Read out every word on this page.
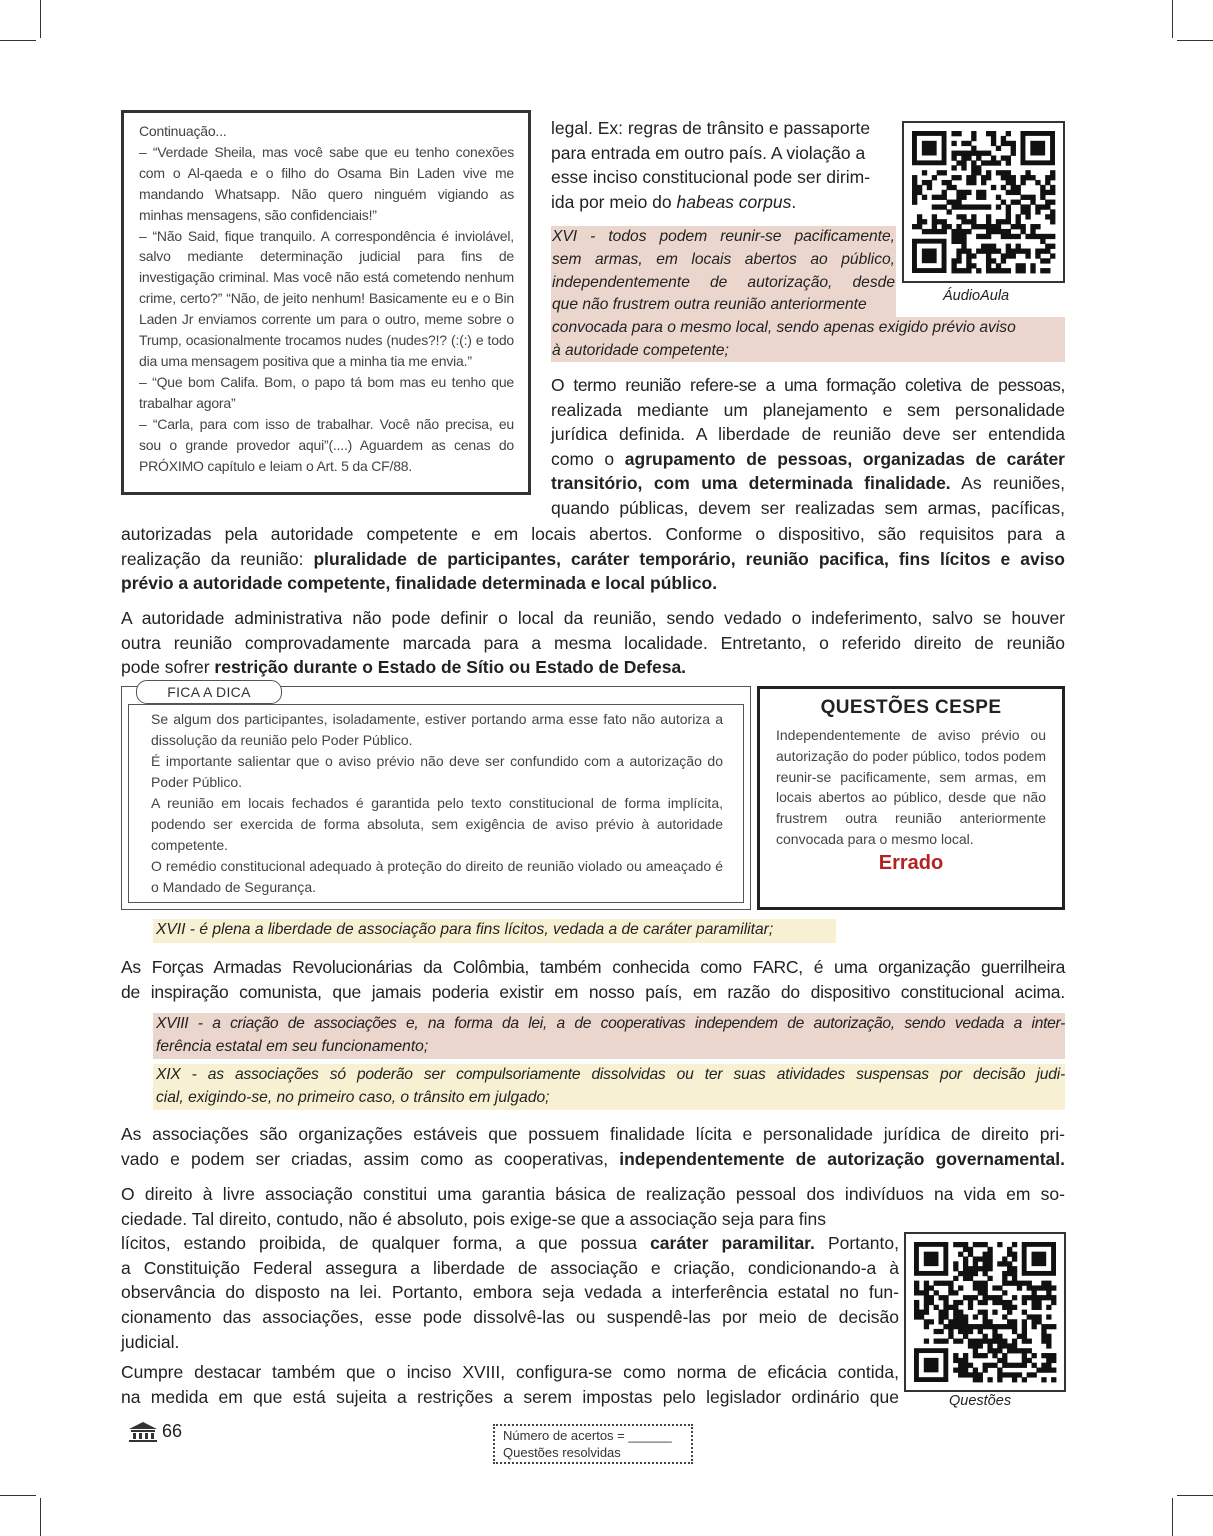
Continuação...

– “Verdade Sheila, mas você sabe que eu tenho conexões com o Al-qaeda e o filho do Osama Bin Laden vive me mandando Whatsapp. Não quero ninguém vigiando as minhas mensagens, são confidenciais!”

– “Não Said, fique tranquilo. A correspondência é inviolável, salvo mediante determinação judicial para fins de investigação criminal. Mas você não está cometendo nenhum crime, certo?” “Não, de jeito nenhum! Basicamente eu e o Bin Laden Jr enviamos corrente um para o outro, meme sobre o Trump, ocasionalmente trocamos nudes (nudes?!? (:(:) e todo dia uma mensagem positiva que a minha tia me envia.”

– “Que bom Califa. Bom, o papo tá bom mas eu tenho que trabalhar agora”

– “Carla, para com isso de trabalhar. Você não precisa, eu sou o grande provedor aqui”(....) Aguardem as cenas do PRÓXIMO capítulo e leiam o Art. 5 da CF/88.

legal. Ex: regras de trânsito e passaporte
para entrada em outro país. A violação a
esse inciso constitucional pode ser dirim-
ida por meio do habeas corpus.
ÁudioAula
XVI - todos podem reunir-se pacificamente,
sem armas, em locais abertos ao público,
independentemente de autorização, desde
que não frustrem outra reunião anteriormente
convocada para o mesmo local, sendo apenas exigido prévio aviso
à autoridade competente;
O termo reunião refere-se a uma formação coletiva de pessoas,
realizada mediante um planejamento e sem personalidade
jurídica definida. A liberdade de reunião deve ser entendida
como o agrupamento de pessoas, organizadas de caráter
transitório, com uma determinada finalidade. As reuniões,
quando públicas, devem ser realizadas sem armas, pacíficas,
autorizadas pela autoridade competente e em locais abertos. Conforme o dispositivo, são requisitos para a
realização da reunião: pluralidade de participantes, caráter temporário, reunião pacifica, fins lícitos e aviso
prévio a autoridade competente, finalidade determinada e local público.
A autoridade administrativa não pode definir o local da reunião, sendo vedado o indeferimento, salvo se houver
outra reunião comprovadamente marcada para a mesma localidade. Entretanto, o referido direito de reunião
pode sofrer restrição durante o Estado de Sítio ou Estado de Defesa.

Se algum dos participantes, isoladamente, estiver portando arma esse fato não autoriza a dissolução da reunião pelo Poder Público.

É importante salientar que o aviso prévio não deve ser confundido com a autorização do Poder Público.

A reunião em locais fechados é garantida pelo texto constitucional de forma implícita, podendo ser exercida de forma absoluta, sem exigência de aviso prévio à autoridade competente.

O remédio constitucional adequado à proteção do direito de reunião violado ou ameaçado é o Mandado de Segurança.

FICA A DICA
QUESTÕES CESPE

Independentemente de aviso prévio ou autorização do poder público, todos podem reunir-se pacificamente, sem armas, em locais abertos ao público, desde que não frustrem outra reunião anteriormente convocada para o mesmo local.

Errado
XVII - é plena a liberdade de associação para fins lícitos, vedada a de caráter paramilitar;
As Forças Armadas Revolucionárias da Colômbia, também conhecida como FARC, é uma organização guerrilheira
de inspiração comunista, que jamais poderia existir em nosso país, em razão do dispositivo constitucional acima.
XVIII - a criação de associações e, na forma da lei, a de cooperativas independem de autorização, sendo vedada a inter-
ferência estatal em seu funcionamento;
XIX - as associações só poderão ser compulsoriamente dissolvidas ou ter suas atividades suspensas por decisão judi-
cial, exigindo-se, no primeiro caso, o trânsito em julgado;
As associações são organizações estáveis que possuem finalidade lícita e personalidade jurídica de direito pri-
vado e podem ser criadas, assim como as cooperativas, independentemente de autorização governamental.
O direito à livre associação constitui uma garantia básica de realização pessoal dos indivíduos na vida em so-
ciedade. Tal direito, contudo, não é absoluto, pois exige-se que a associação seja para fins
lícitos, estando proibida, de qualquer forma, a que possua caráter paramilitar. Portanto,
a Constituição Federal assegura a liberdade de associação e criação, condicionando-a à
observância do disposto na lei. Portanto, embora seja vedada a interferência estatal no fun-
cionamento das associações, esse pode dissolvê-las ou suspendê-las por meio de decisão
judicial.
Cumpre destacar também que o inciso XVIII, configura-se como norma de eficácia contida,
na medida em que está sujeita a restrições a serem impostas pelo legislador ordinário que	Questões
66	Número de acertos = ______
Questões resolvidas
